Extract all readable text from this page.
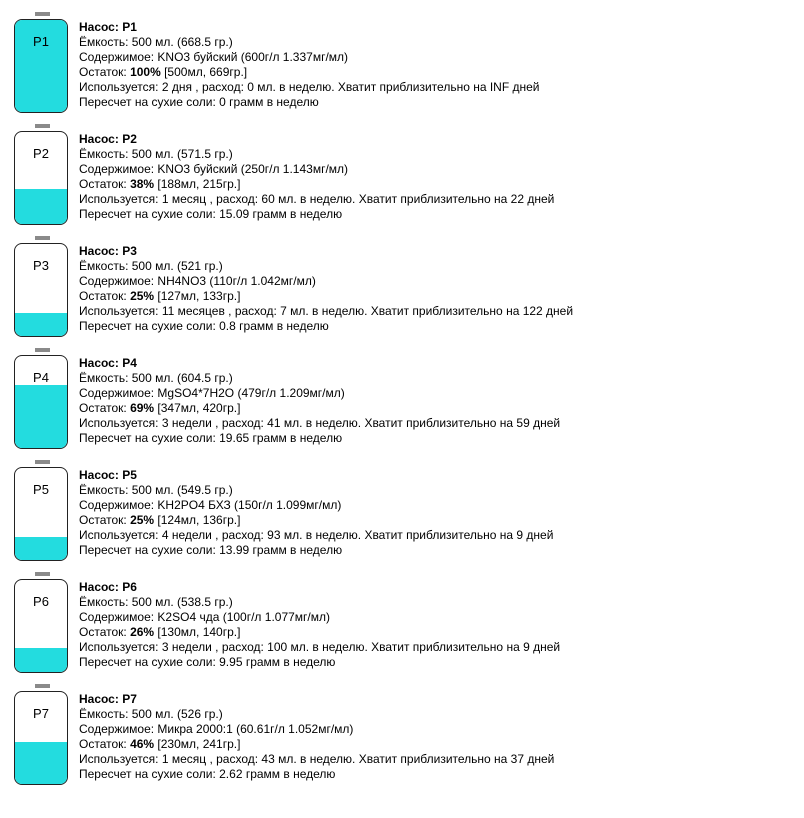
P1
Насос: P1
Ёмкость: 500 мл. (668.5 гр.)
Содержимое: KNO3 буйский (600г/л 1.337мг/мл)
Остаток: 100% [500мл, 669гр.]
Используется: 2 дня , расход: 0 мл. в неделю. Хватит приблизительно на INF дней
Пересчет на сухие соли: 0 грамм в неделю
P2
Насос: P2
Ёмкость: 500 мл. (571.5 гр.)
Содержимое: KNO3 буйский (250г/л 1.143мг/мл)
Остаток: 38% [188мл, 215гр.]
Используется: 1 месяц , расход: 60 мл. в неделю. Хватит приблизительно на 22 дней
Пересчет на сухие соли: 15.09 грамм в неделю
P3
Насос: P3
Ёмкость: 500 мл. (521 гр.)
Содержимое: NH4NO3 (110г/л 1.042мг/мл)
Остаток: 25% [127мл, 133гр.]
Используется: 11 месяцев , расход: 7 мл. в неделю. Хватит приблизительно на 122 дней
Пересчет на сухие соли: 0.8 грамм в неделю
P4
Насос: P4
Ёмкость: 500 мл. (604.5 гр.)
Содержимое: MgSO4*7H2O (479г/л 1.209мг/мл)
Остаток: 69% [347мл, 420гр.]
Используется: 3 недели , расход: 41 мл. в неделю. Хватит приблизительно на 59 дней
Пересчет на сухие соли: 19.65 грамм в неделю
P5
Насос: P5
Ёмкость: 500 мл. (549.5 гр.)
Содержимое: KH2PO4 БХЗ (150г/л 1.099мг/мл)
Остаток: 25% [124мл, 136гр.]
Используется: 4 недели , расход: 93 мл. в неделю. Хватит приблизительно на 9 дней
Пересчет на сухие соли: 13.99 грамм в неделю
P6
Насос: P6
Ёмкость: 500 мл. (538.5 гр.)
Содержимое: K2SO4 чда (100г/л 1.077мг/мл)
Остаток: 26% [130мл, 140гр.]
Используется: 3 недели , расход: 100 мл. в неделю. Хватит приблизительно на 9 дней
Пересчет на сухие соли: 9.95 грамм в неделю
P7
Насос: P7
Ёмкость: 500 мл. (526 гр.)
Содержимое: Микра 2000:1 (60.61г/л 1.052мг/мл)
Остаток: 46% [230мл, 241гр.]
Используется: 1 месяц , расход: 43 мл. в неделю. Хватит приблизительно на 37 дней
Пересчет на сухие соли: 2.62 грамм в неделю
